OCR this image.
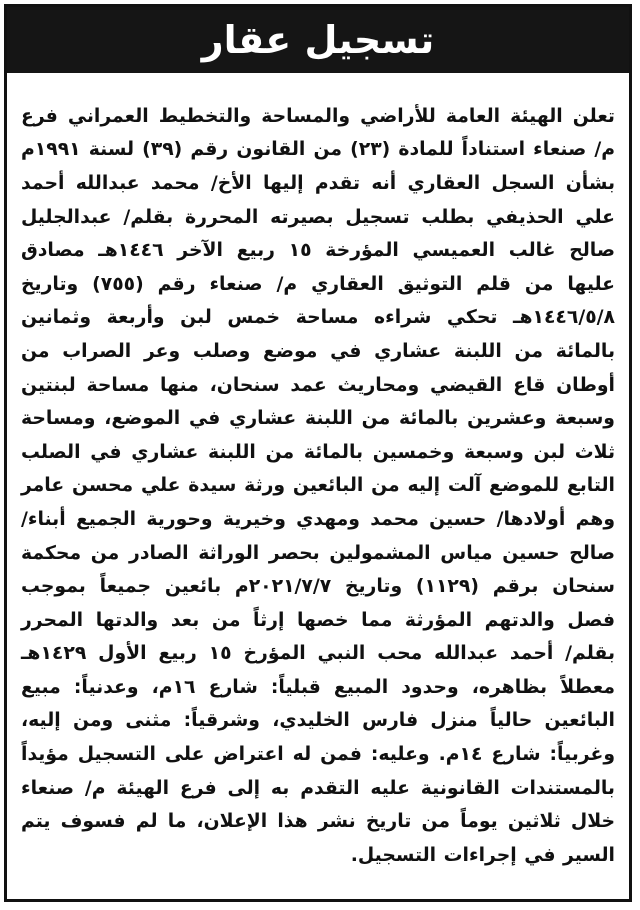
تسجيل عقار

تعلن الهيئة العامة للأراضي والمساحة والتخطيط العمراني فرع م/ صنعاء استناداً للمادة (٢٣) من القانون رقم (٣٩) لسنة ١٩٩١م بشأن السجل العقاري أنه تقدم إليها الأخ/ محمد عبدالله أحمد علي الحذيفي بطلب تسجيل بصيرته المحررة بقلم/ عبدالجليل صالح غالب العميسي المؤرخة ١٥ ربيع الآخر ١٤٤٦هـ مصادق عليها من قلم التوثيق العقاري م/ صنعاء رقم (٧٥٥) وتاريخ ١٤٤٦/٥/٨هـ تحكي شراءه مساحة خمس لبن وأربعة وثمانين بالمائة من اللبنة عشاري في موضع وصلب وعر الصراب من أوطان قاع القيضي ومحاريث عمد سنحان، منها مساحة لبنتين وسبعة وعشرين بالمائة من اللبنة عشاري في الموضع، ومساحة ثلاث لبن وسبعة وخمسين بالمائة من اللبنة عشاري في الصلب التابع للموضع آلت إليه من البائعين ورثة سيدة علي محسن عامر وهم أولادها/ حسين محمد ومهدي وخيرية وحورية الجميع أبناء/ صالح حسين مياس المشمولين بحصر الوراثة الصادر من محكمة سنحان برقم (١١٢٩) وتاريخ ٢٠٢١/٧/٧م بائعين جميعاً بموجب فصل والدتهم المؤرثة مما خصها إرثاً من بعد والدتها المحرر بقلم/ أحمد عبدالله محب النبي المؤرخ ١٥ ربيع الأول ١٤٢٩هـ معطلاً بظاهره، وحدود المبيع قبلياً: شارع ١٦م، وعدنياً: مبيع البائعين حالياً منزل فارس الخليدي، وشرقياً: مثنى ومن إليه، وغربياً: شارع ١٤م. وعليه: فمن له اعتراض على التسجيل مؤيداً بالمستندات القانونية عليه التقدم به إلى فرع الهيئة م/ صنعاء خلال ثلاثين يوماً من تاريخ نشر هذا الإعلان، ما لم فسوف يتم السير في إجراءات التسجيل.
